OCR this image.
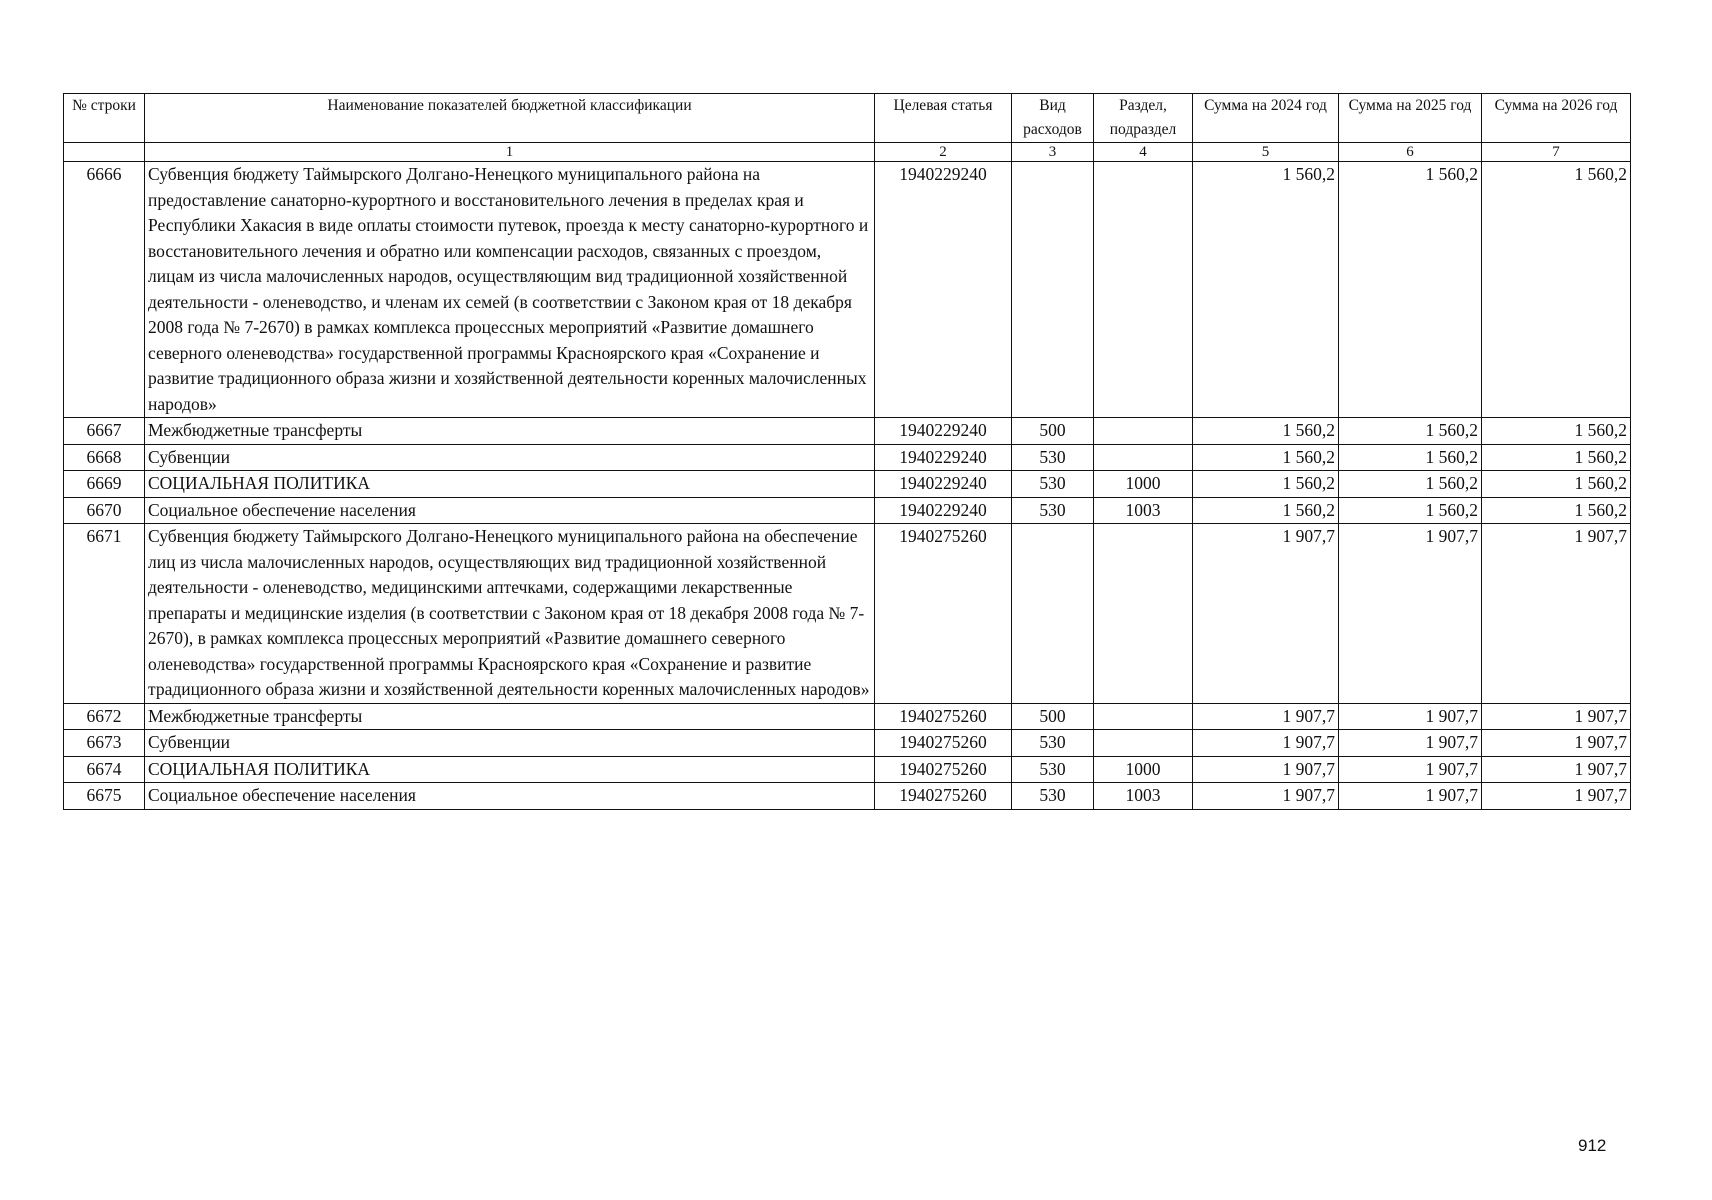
№ строки	Наименование показателей бюджетной классификации	Целевая статья	Вид расходов	Раздел, подраздел	Сумма на 2024 год	Сумма на 2025 год	Сумма на 2026 год
	1	2	3	4	5	6	7
6666	Субвенция бюджету Таймырского Долгано-Ненецкого муниципального района на предоставление санаторно-курортного и восстановительного лечения в пределах края и Республики Хакасия в виде оплаты стоимости путевок, проезда к месту санаторно-курортного и восстановительного лечения и обратно или компенсации расходов, связанных с проездом, лицам из числа малочисленных народов, осуществляющим вид традиционной хозяйственной деятельности - оленеводство, и членам их семей (в соответствии с Законом края от 18 декабря 2008 года № 7-2670) в рамках комплекса процессных мероприятий «Развитие домашнего северного оленеводства» государственной программы Красноярского края «Сохранение и развитие традиционного образа жизни и хозяйственной деятельности коренных малочисленных народов»	1940229240			1 560,2	1 560,2	1 560,2
6667	Межбюджетные трансферты	1940229240	500		1 560,2	1 560,2	1 560,2
6668	Субвенции	1940229240	530		1 560,2	1 560,2	1 560,2
6669	СОЦИАЛЬНАЯ ПОЛИТИКА	1940229240	530	1000	1 560,2	1 560,2	1 560,2
6670	Социальное обеспечение населения	1940229240	530	1003	1 560,2	1 560,2	1 560,2
6671	Субвенция бюджету Таймырского Долгано-Ненецкого муниципального района на обеспечение лиц из числа малочисленных народов, осуществляющих вид традиционной хозяйственной деятельности - оленеводство, медицинскими аптечками, содержащими лекарственные препараты и медицинские изделия (в соответствии с Законом края от 18 декабря 2008 года № 7-2670), в рамках комплекса процессных мероприятий «Развитие домашнего северного оленеводства» государственной программы Красноярского края «Сохранение и развитие традиционного образа жизни и хозяйственной деятельности коренных малочисленных народов»	1940275260			1 907,7	1 907,7	1 907,7
6672	Межбюджетные трансферты	1940275260	500		1 907,7	1 907,7	1 907,7
6673	Субвенции	1940275260	530		1 907,7	1 907,7	1 907,7
6674	СОЦИАЛЬНАЯ ПОЛИТИКА	1940275260	530	1000	1 907,7	1 907,7	1 907,7
6675	Социальное обеспечение населения	1940275260	530	1003	1 907,7	1 907,7	1 907,7
912
